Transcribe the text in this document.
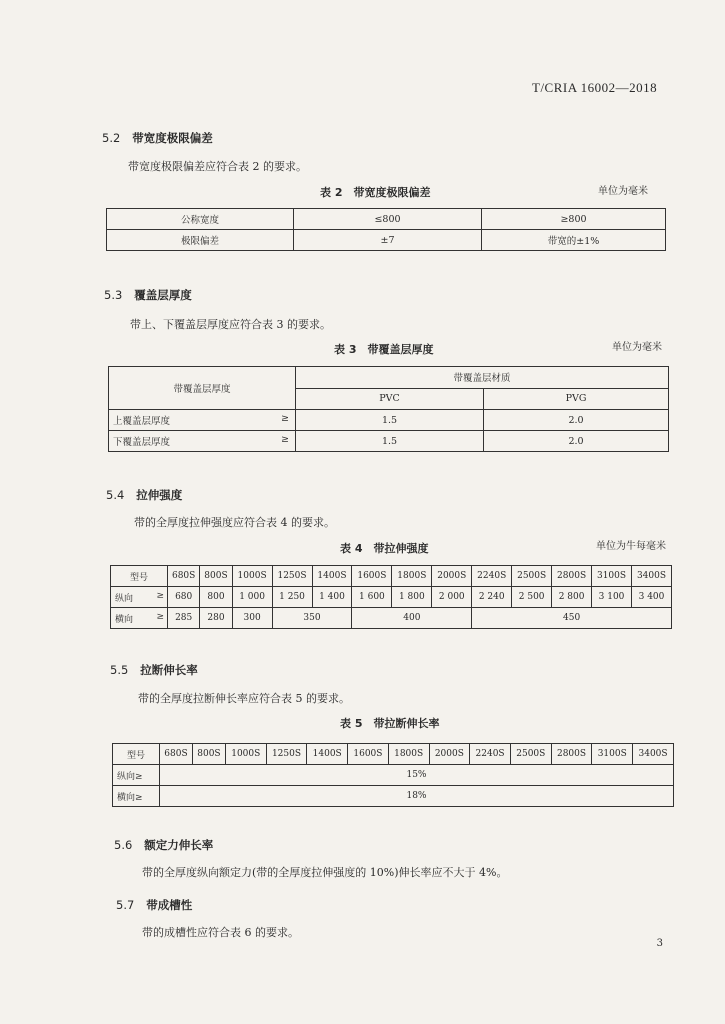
T/CRIA 16002—2018
5.2 带宽度极限偏差
带宽度极限偏差应符合表 2 的要求。
表 2　带宽度极限偏差	单位为毫米
公称宽度	≤800	≥800
极限偏差	±7	带宽的±1%
5.3 覆盖层厚度
带上、下覆盖层厚度应符合表 3 的要求。
表 3　带覆盖层厚度	单位为毫米
带覆盖层厚度	带覆盖层材质	
	PVC	PVG
上覆盖层厚度 ≥	1.5	2.0
下覆盖层厚度 ≥	1.5	2.0
5.4 拉伸强度
带的全厚度拉伸强度应符合表 4 的要求。
表 4　带拉伸强度	单位为牛每毫米
型号	680S	800S	1000S	1250S	1400S	1600S	1800S	2000S	2240S	2500S	2800S	3100S	3400S
纵向 ≥	680	800	1 000	1 250	1 400	1 600	1 800	2 000	2 240	2 500	2 800	3 100	3 400
横向 ≥	285	280	300	350		400			450				
5.5 拉断伸长率
带的全厚度拉断伸长率应符合表 5 的要求。
表 5　带拉断伸长率
型号	680S	800S	1000S	1250S	1400S	1600S	1800S	2000S	2240S	2500S	2800S	3100S	3400S
纵向≥	15%												
横向≥	18%												
5.6 额定力伸长率
带的全厚度纵向额定力(带的全厚度拉伸强度的 10%)伸长率应不大于 4%。
5.7 带成槽性
带的成槽性应符合表 6 的要求。
3
